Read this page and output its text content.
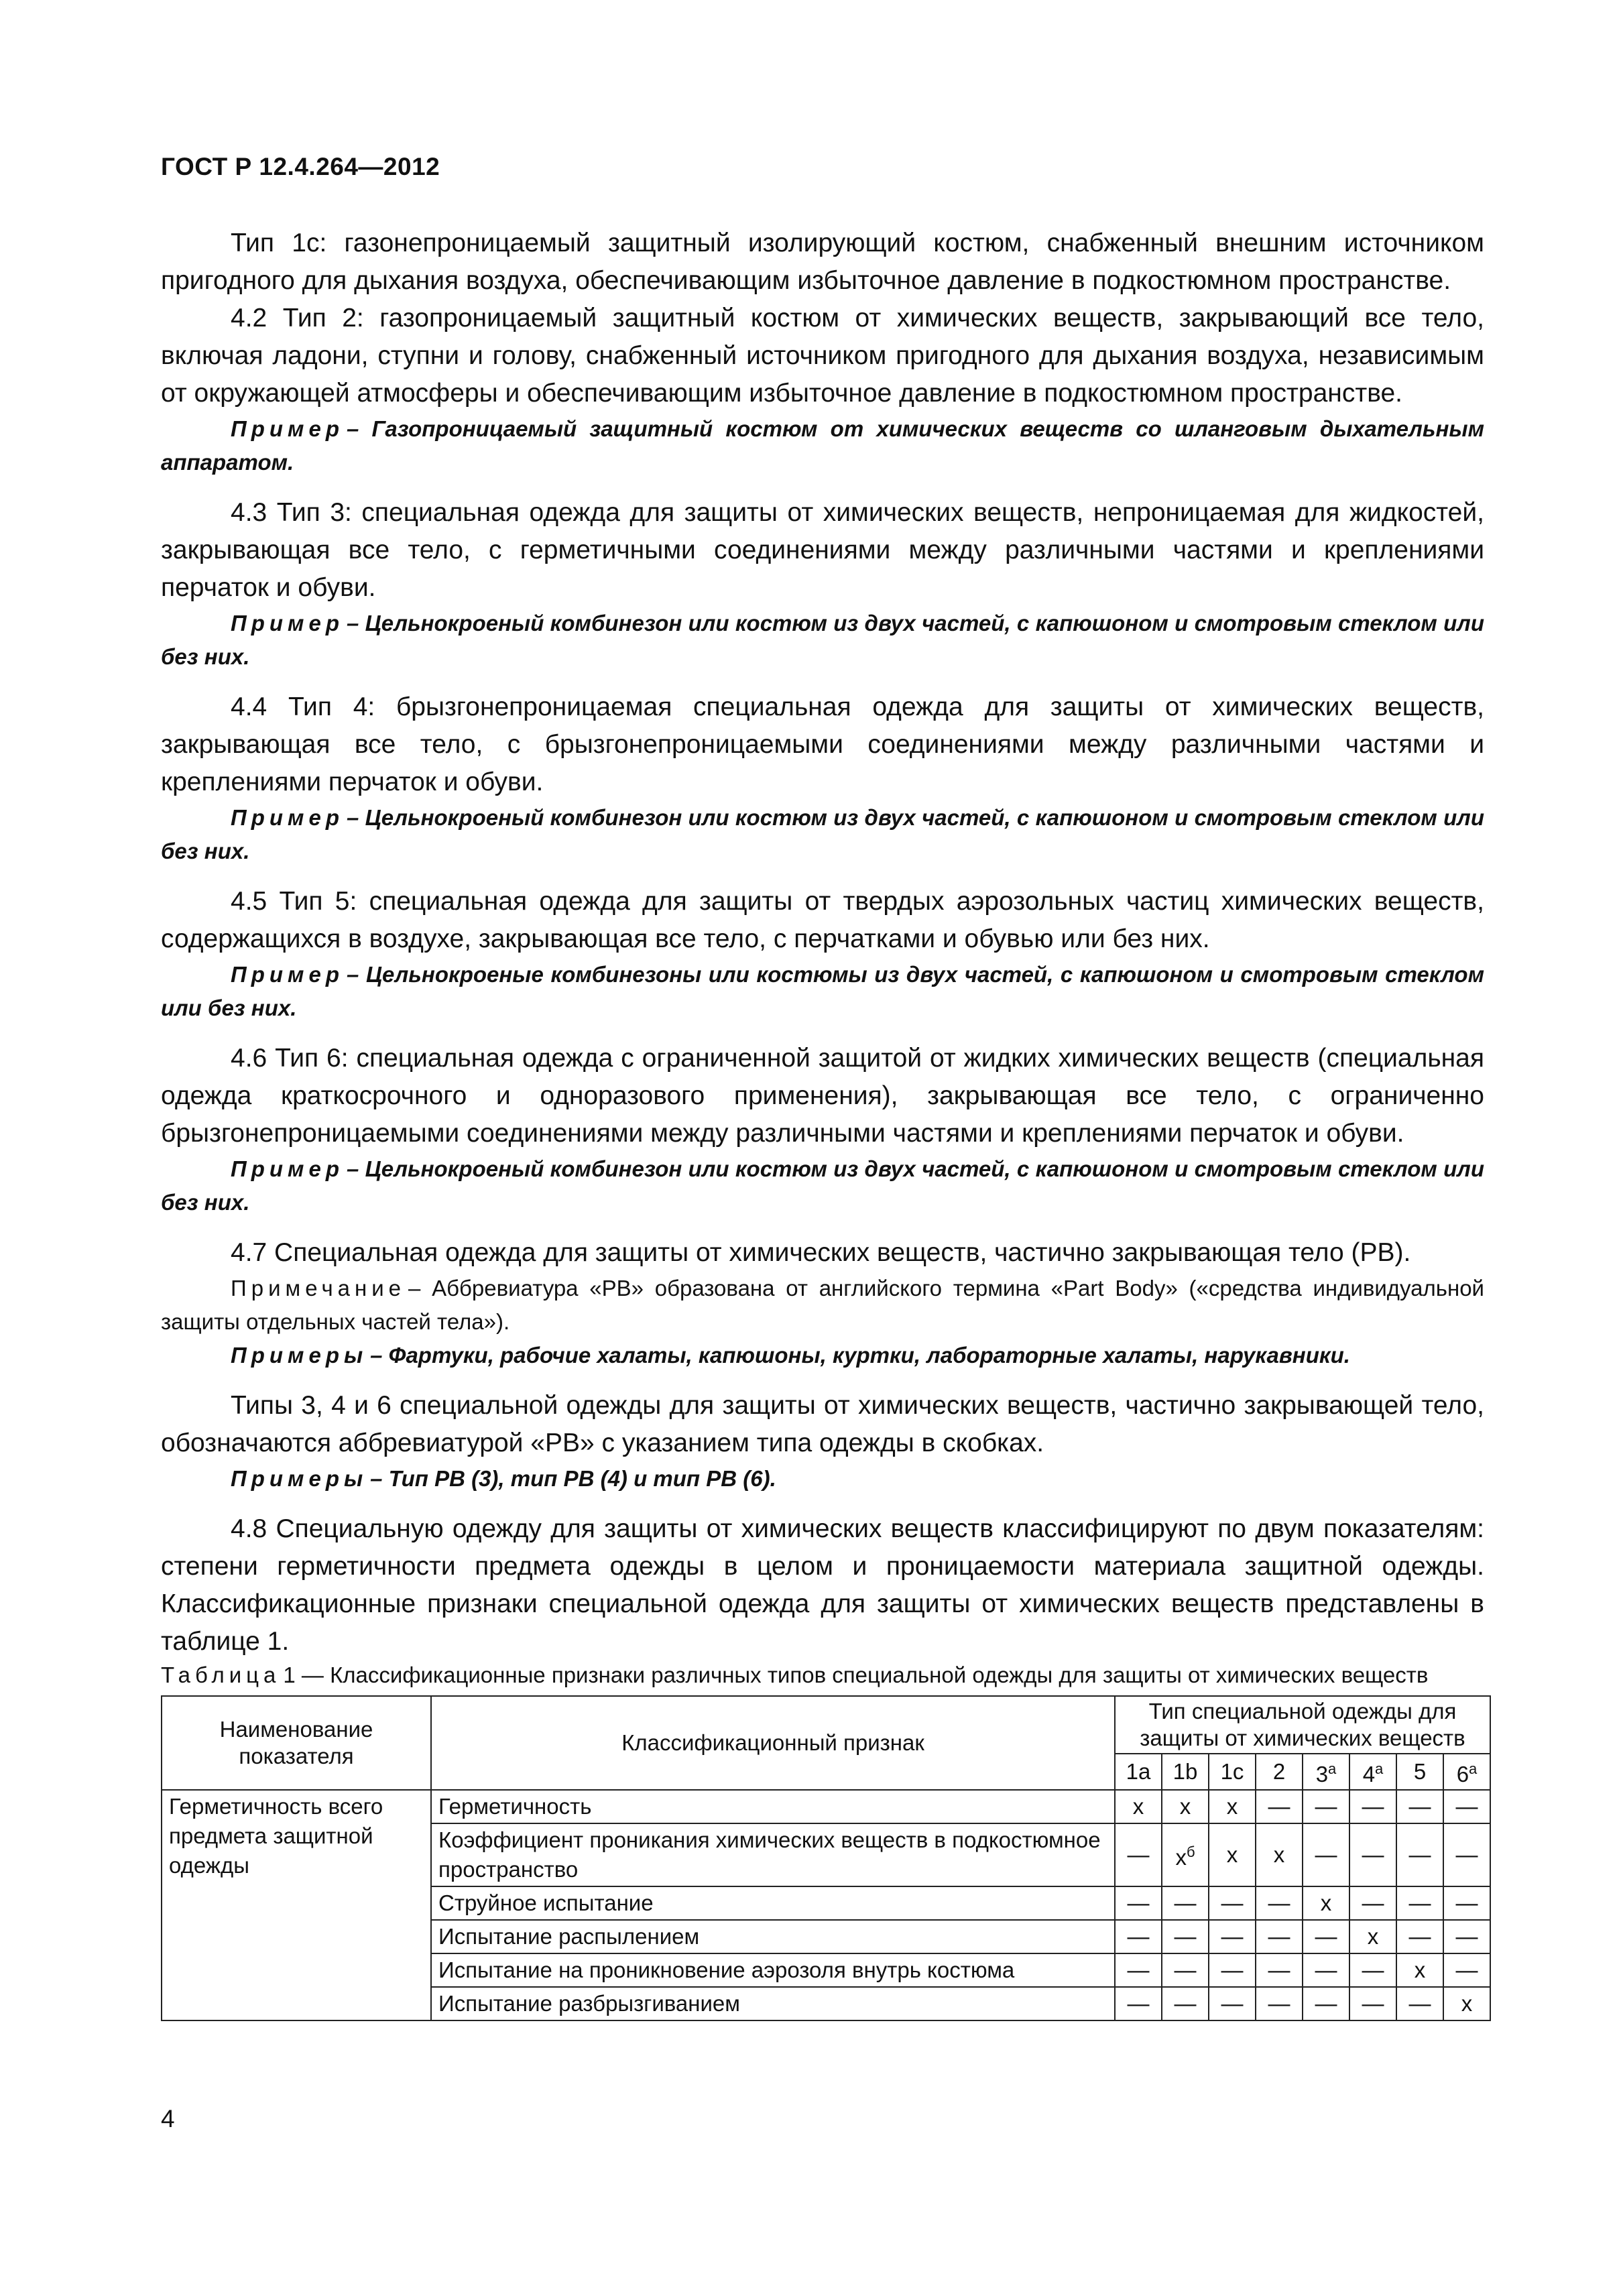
ГОСТ Р 12.4.264—2012

Тип 1c: газонепроницаемый защитный изолирующий костюм, снабженный внешним источником пригодного для дыхания воздуха, обеспечивающим избыточное давление в подкостюмном пространстве.

4.2 Тип 2: газопроницаемый защитный костюм от химических веществ, закрывающий все тело, включая ладони, ступни и голову, снабженный источником пригодного для дыхания воздуха, независимым от окружающей атмосферы и обеспечивающим избыточное давление в подкостюмном пространстве.

Пример – Газопроницаемый защитный костюм от химических веществ со шланговым дыхательным аппаратом.

4.3 Тип 3: специальная одежда для защиты от химических веществ, непроницаемая для жидкостей, закрывающая все тело, с герметичными соединениями между различными частями и креплениями перчаток и обуви.

Пример – Цельнокроеный комбинезон или костюм из двух частей, с капюшоном и смотровым стеклом или без них.

4.4 Тип 4: брызгонепроницаемая специальная одежда для защиты от химических веществ, закрывающая все тело, с брызгонепроницаемыми соединениями между различными частями и креплениями перчаток и обуви.

Пример – Цельнокроеный комбинезон или костюм из двух частей, с капюшоном и смотровым стеклом или без них.

4.5 Тип 5: специальная одежда для защиты от твердых аэрозольных частиц химических веществ, содержащихся в воздухе, закрывающая все тело, с перчатками и обувью или без них.

Пример – Цельнокроеные комбинезоны или костюмы из двух частей, с капюшоном и смотровым стеклом или без них.

4.6 Тип 6: специальная одежда с ограниченной защитой от жидких химических веществ (специальная одежда краткосрочного и одноразового применения), закрывающая все тело, с ограниченно брызгонепроницаемыми соединениями между различными частями и креплениями перчаток и обуви.

Пример – Цельнокроеный комбинезон или костюм из двух частей, с капюшоном и смотровым стеклом или без них.

4.7 Специальная одежда для защиты от химических веществ, частично закрывающая тело (PB).

Примечание – Аббревиатура «PB» образована от английского термина «Part Body» («средства индивидуальной защиты отдельных частей тела»).

Примеры – Фартуки, рабочие халаты, капюшоны, куртки, лабораторные халаты, нарукавники.

Типы 3, 4 и 6 специальной одежды для защиты от химических веществ, частично закрывающей тело, обозначаются аббревиатурой «PB» с указанием типа одежды в скобках.

Примеры – Тип PB (3), тип PB (4) и тип PB (6).

4.8 Специальную одежду для защиты от химических веществ классифицируют по двум показателям: степени герметичности предмета одежды в целом и проницаемости материала защитной одежды. Классификационные признаки специальной одежда для защиты от химических веществ представлены в таблице 1.

Таблица 1 — Классификационные признаки различных типов специальной одежды для защиты от химических веществ

Наименование показателя	Классификационный признак	Тип специальной одежды для защиты от химических веществ							
		1a	1b	1c	2	3$^a$	4$^a$	5	6$^a$
Герметичность всего предмета защитной одежды	Герметичность	x	x	x	—	—	—	—	—
	Коэффициент проникания химических веществ в подкостюмное пространство	—	$x^б$	x	x	—	—	—	—
	Струйное испытание	—	—	—	—	x	—	—	—
	Испытание распылением	—	—	—	—	—	x	—	—
	Испытание на проникновение аэрозоля внутрь костюма	—	—	—	—	—	—	x	—
	Испытание разбрызгиванием	—	—	—	—	—	—	—	x
4
